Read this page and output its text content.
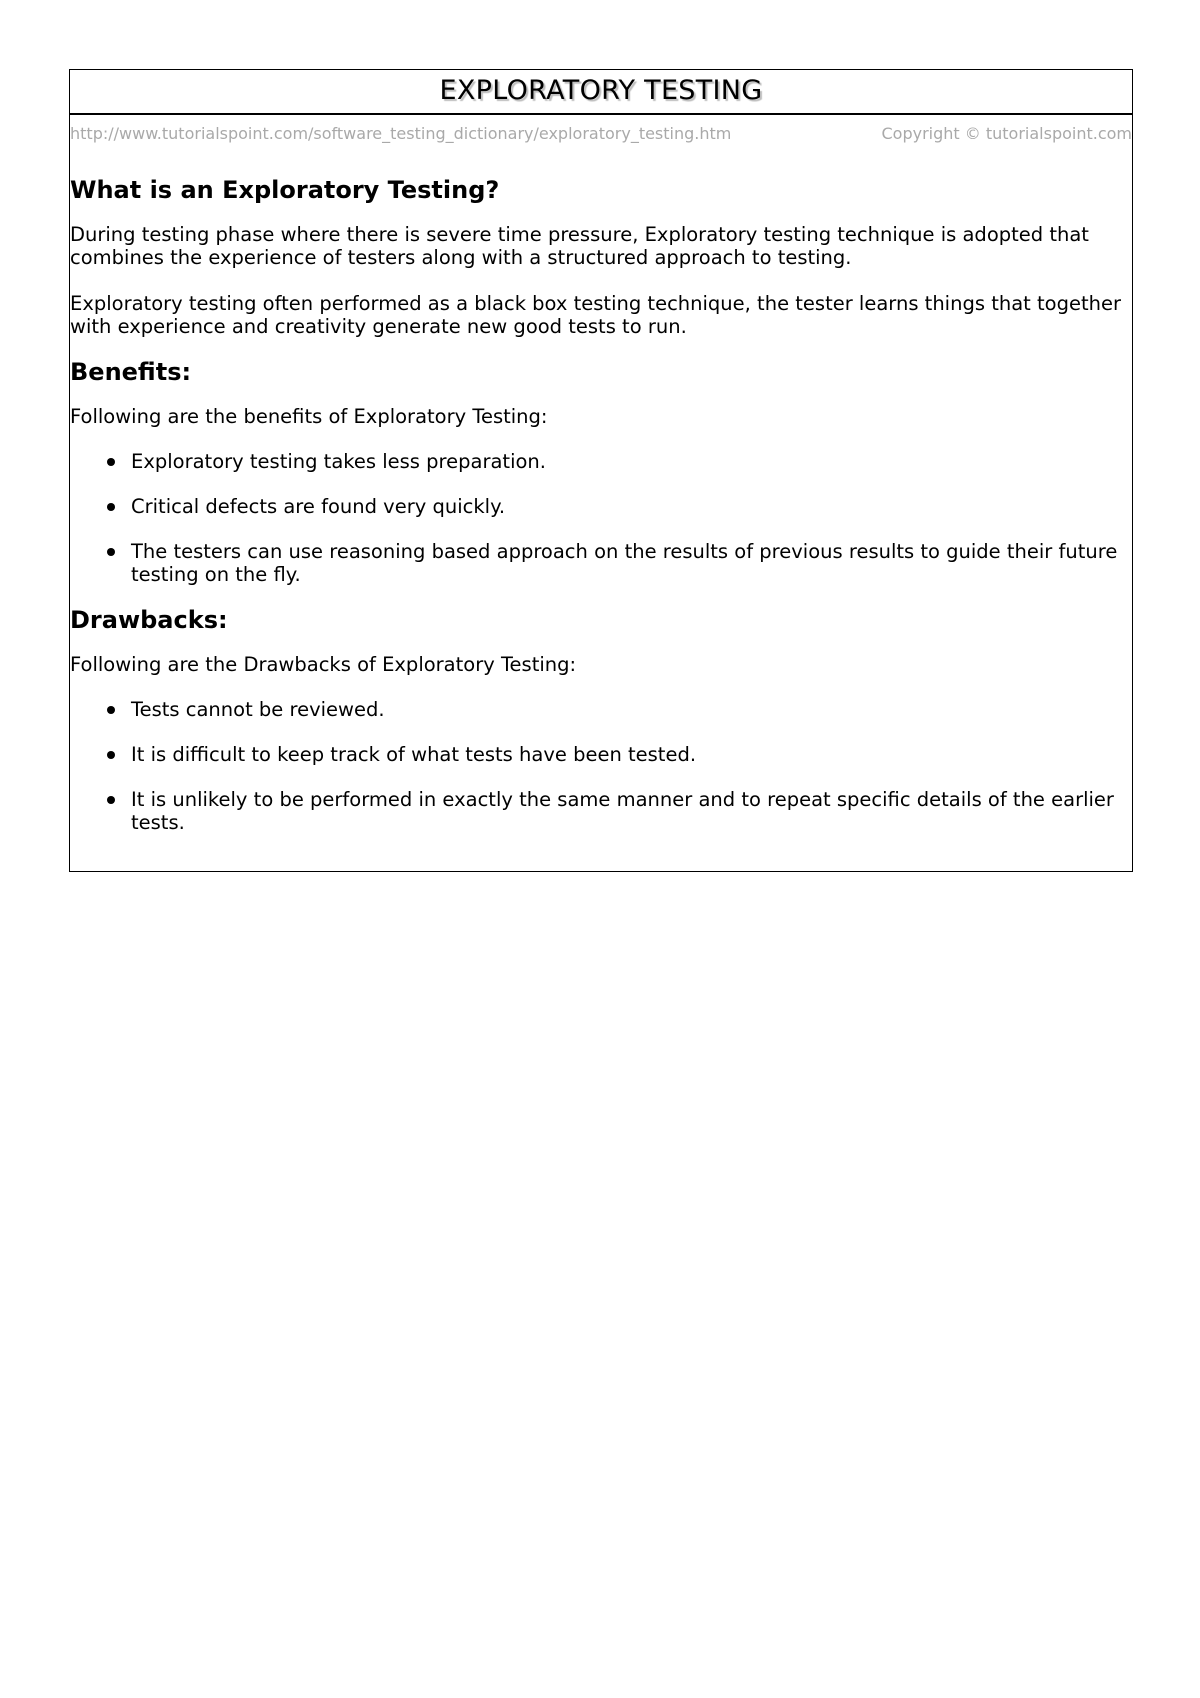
EXPLORATORY TESTING
http://www.tutorialspoint.com/software_testing_dictionary/exploratory_testing.htm	Copyright © tutorialspoint.com
What is an Exploratory Testing?

During testing phase where there is severe time pressure, Exploratory testing technique is adopted that combines the experience of testers along with a structured approach to testing.

Exploratory testing often performed as a black box testing technique, the tester learns things that together with experience and creativity generate new good tests to run.

Benefits:

Following are the benefits of Exploratory Testing:

Exploratory testing takes less preparation.
Critical defects are found very quickly.
The testers can use reasoning based approach on the results of previous results to guide their future testing on the fly.
Drawbacks:

Following are the Drawbacks of Exploratory Testing:

Tests cannot be reviewed.
It is difficult to keep track of what tests have been tested.
It is unlikely to be performed in exactly the same manner and to repeat specific details of the earlier tests.
